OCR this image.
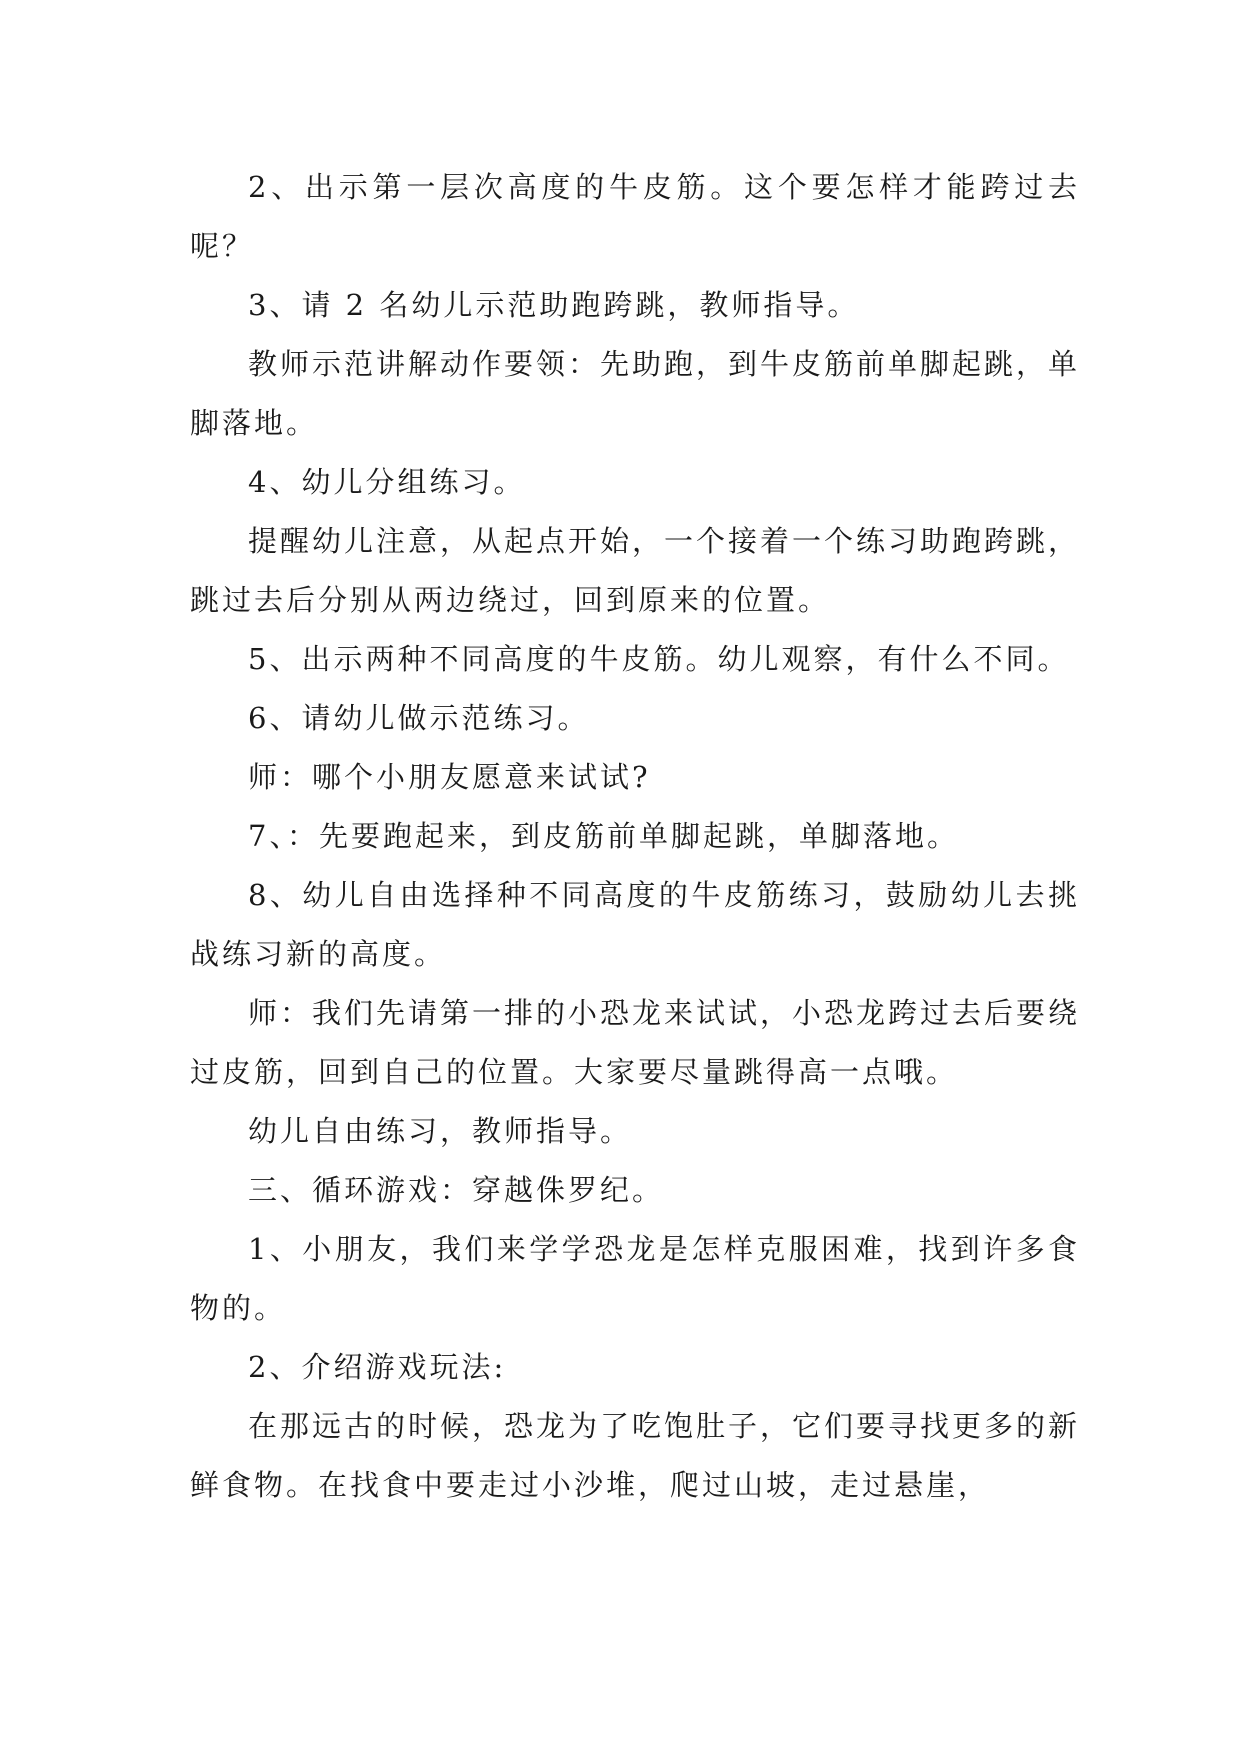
2、出示第一层次高度的牛皮筋。这个要怎样才能跨过去呢？

3、请 2 名幼儿示范助跑跨跳，教师指导。

教师示范讲解动作要领：先助跑，到牛皮筋前单脚起跳，单脚落地。

4、幼儿分组练习。

提醒幼儿注意，从起点开始，一个接着一个练习助跑跨跳，跳过去后分别从两边绕过，回到原来的位置。

5、出示两种不同高度的牛皮筋。幼儿观察，有什么不同。

6、请幼儿做示范练习。

师：哪个小朋友愿意来试试?

7、：先要跑起来，到皮筋前单脚起跳，单脚落地。

8、幼儿自由选择种不同高度的牛皮筋练习，鼓励幼儿去挑战练习新的高度。

师：我们先请第一排的小恐龙来试试，小恐龙跨过去后要绕过皮筋，回到自己的位置。大家要尽量跳得高一点哦。

幼儿自由练习，教师指导。

三、循环游戏：穿越侏罗纪。

1、小朋友，我们来学学恐龙是怎样克服困难，找到许多食物的。

2、介绍游戏玩法:

在那远古的时候，恐龙为了吃饱肚子，它们要寻找更多的新鲜食物。在找食中要走过小沙堆，爬过山坡，走过悬崖，
